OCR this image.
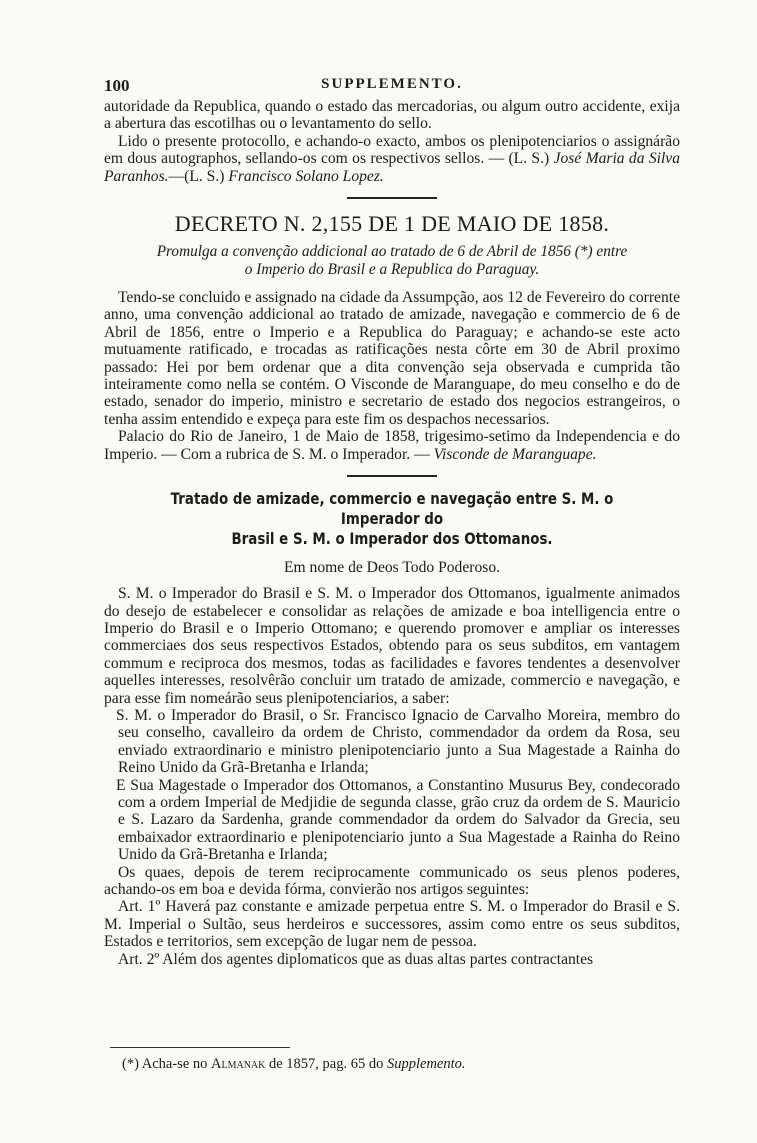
100	SUPPLEMENTO.

autoridade da Republica, quando o estado das mercadorias, ou algum outro accidente, exija a abertura das escotilhas ou o levantamento do sello.

Lido o presente protocollo, e achando-o exacto, ambos os plenipotenciarios o assignárão em dous autographos, sellando-os com os respectivos sellos. — (L. S.) José Maria da Silva Paranhos.—(L. S.) Francisco Solano Lopez.

DECRETO N. 2,155 DE 1 DE MAIO DE 1858.
Promulga a convenção addicional ao tratado de 6 de Abril de 1856 (*) entre
o Imperio do Brasil e a Republica do Paraguay.

Tendo-se concluido e assignado na cidade da Assumpção, aos 12 de Fevereiro do corrente anno, uma convenção addicional ao tratado de amizade, navegação e commercio de 6 de Abril de 1856, entre o Imperio e a Republica do Paraguay; e achando-se este acto mutuamente ratificado, e trocadas as ratificações nesta côrte em 30 de Abril proximo passado: Hei por bem ordenar que a dita convenção seja observada e cumprida tão inteiramente como nella se contém. O Visconde de Maranguape, do meu conselho e do de estado, senador do imperio, ministro e secretario de estado dos negocios estrangeiros, o tenha assim entendido e expeça para este fim os despachos necessarios.

Palacio do Rio de Janeiro, 1 de Maio de 1858, trigesimo-setimo da Independencia e do Imperio. — Com a rubrica de S. M. o Imperador. — Visconde de Maranguape.

Tratado de amizade, commercio e navegação entre S. M. o Imperador do
Brasil e S. M. o Imperador dos Ottomanos.
Em nome de Deos Todo Poderoso.

S. M. o Imperador do Brasil e S. M. o Imperador dos Ottomanos, igualmente animados do desejo de estabelecer e consolidar as relações de amizade e boa intelligencia entre o Imperio do Brasil e o Imperio Ottomano; e querendo promover e ampliar os interesses commerciaes dos seus respectivos Estados, obtendo para os seus subditos, em vantagem commum e reciproca dos mesmos, todas as facilidades e favores tendentes a desenvolver aquelles interesses, resolvêrão concluir um tratado de amizade, commercio e navegação, e para esse fim nomeárão seus plenipotenciarios, a saber:

S. M. o Imperador do Brasil, o Sr. Francisco Ignacio de Carvalho Moreira, membro do seu conselho, cavalleiro da ordem de Christo, commendador da ordem da Rosa, seu enviado extraordinario e ministro plenipotenciario junto a Sua Magestade a Rainha do Reino Unido da Grã-Bretanha e Irlanda;

E Sua Magestade o Imperador dos Ottomanos, a Constantino Musurus Bey, condecorado com a ordem Imperial de Medjidie de segunda classe, grão cruz da ordem de S. Mauricio e S. Lazaro da Sardenha, grande commendador da ordem do Salvador da Grecia, seu embaixador extraordinario e plenipotenciario junto a Sua Magestade a Rainha do Reino Unido da Grã-Bretanha e Irlanda;

Os quaes, depois de terem reciprocamente communicado os seus plenos poderes, achando-os em boa e devida fórma, convierão nos artigos seguintes:

Art. 1º Haverá paz constante e amizade perpetua entre S. M. o Imperador do Brasil e S. M. Imperial o Sultão, seus herdeiros e successores, assim como entre os seus subditos, Estados e territorios, sem excepção de lugar nem de pessoa.

Art. 2º Além dos agentes diplomaticos que as duas altas partes contractantes

(*) Acha-se no Almanak de 1857, pag. 65 do Supplemento.
